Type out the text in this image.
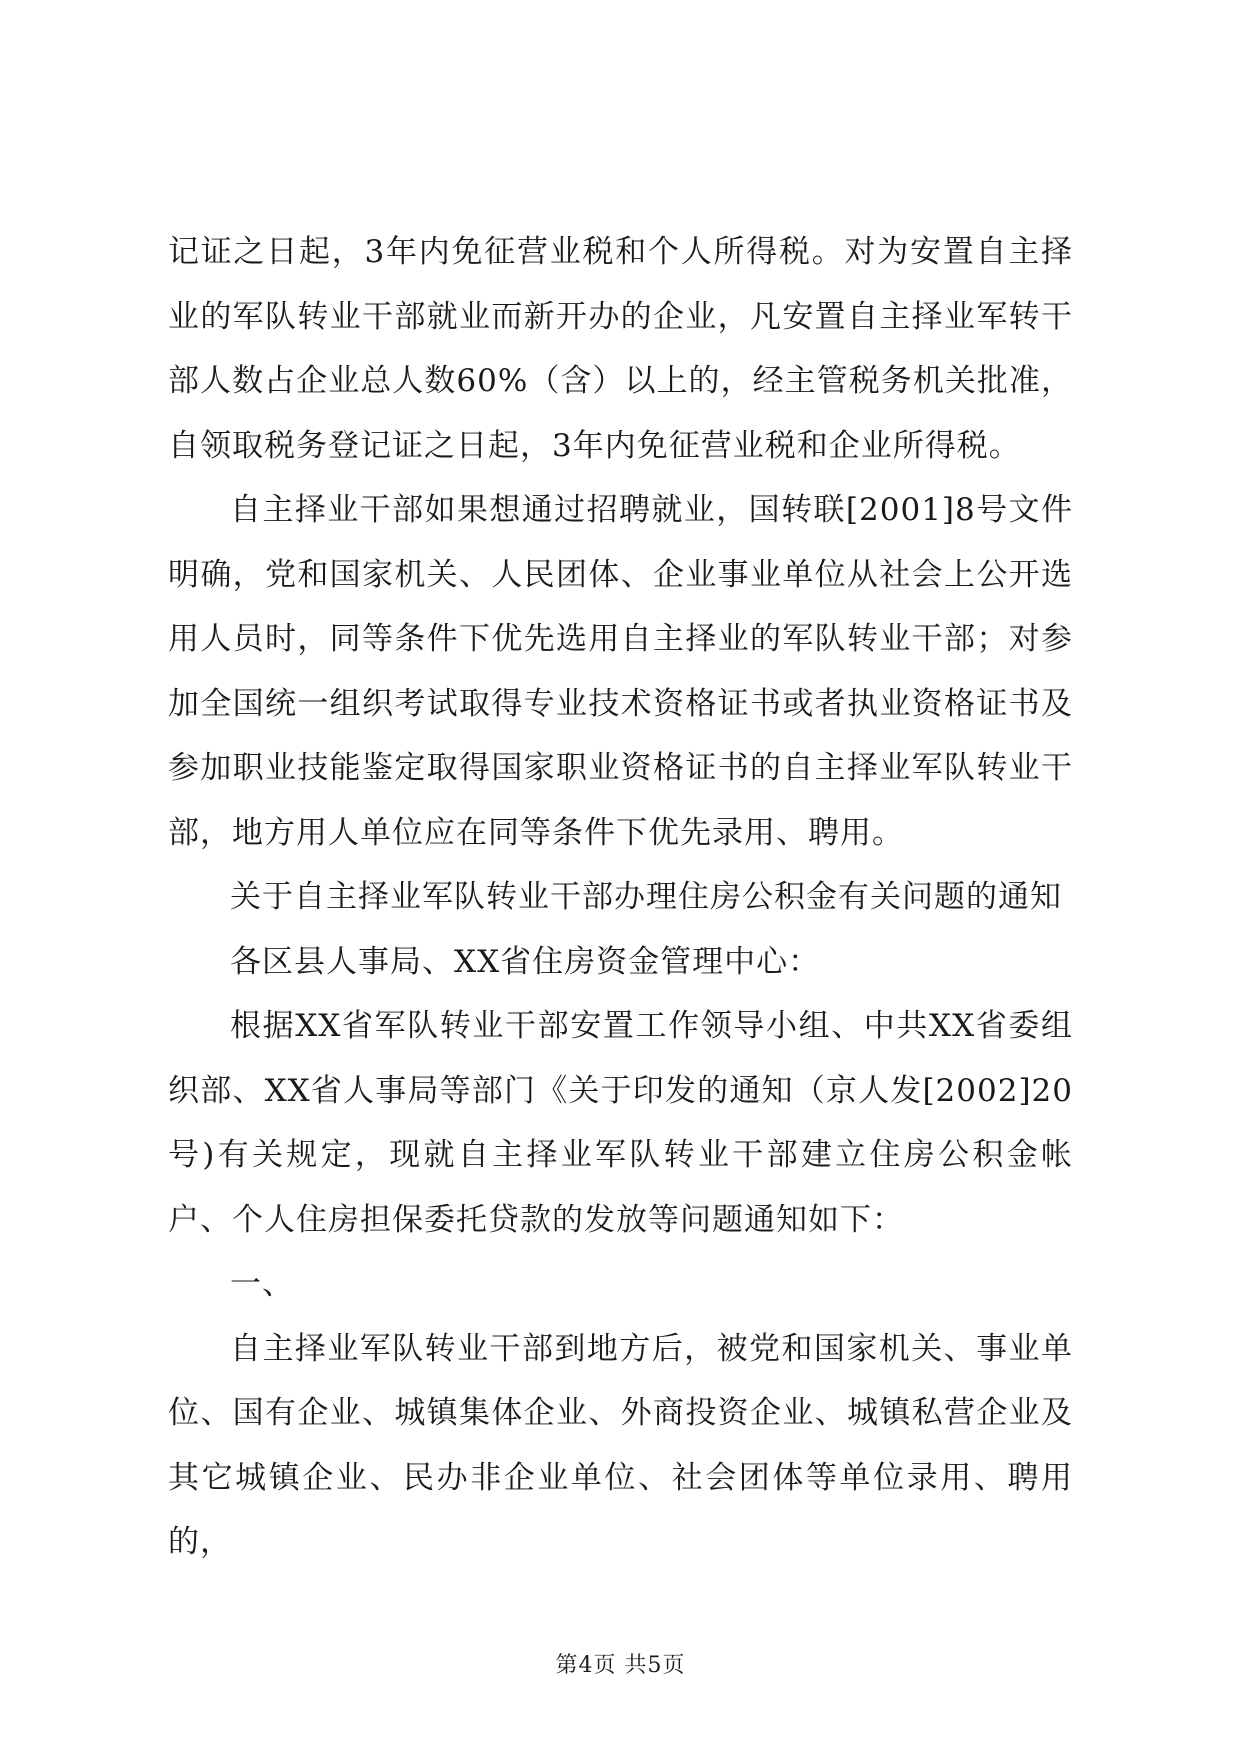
记证之日起，3年内免征营业税和个人所得税。对为安置自主择业的军队转业干部就业而新开办的企业，凡安置自主择业军转干部人数占企业总人数60%（含）以上的，经主管税务机关批准，自领取税务登记证之日起，3年内免征营业税和企业所得税。

自主择业干部如果想通过招聘就业，国转联[2001]8号文件明确，党和国家机关、人民团体、企业事业单位从社会上公开选用人员时，同等条件下优先选用自主择业的军队转业干部；对参加全国统一组织考试取得专业技术资格证书或者执业资格证书及参加职业技能鉴定取得国家职业资格证书的自主择业军队转业干部，地方用人单位应在同等条件下优先录用、聘用。

关于自主择业军队转业干部办理住房公积金有关问题的通知

各区县人事局、XX省住房资金管理中心：

根据XX省军队转业干部安置工作领导小组、中共XX省委组织部、XX省人事局等部门《关于印发的通知（京人发[2002]20号)有关规定，现就自主择业军队转业干部建立住房公积金帐户、个人住房担保委托贷款的发放等问题通知如下：

一、

自主择业军队转业干部到地方后，被党和国家机关、事业单位、国有企业、城镇集体企业、外商投资企业、城镇私营企业及其它城镇企业、民办非企业单位、社会团体等单位录用、聘用的，

第4页 共5页
